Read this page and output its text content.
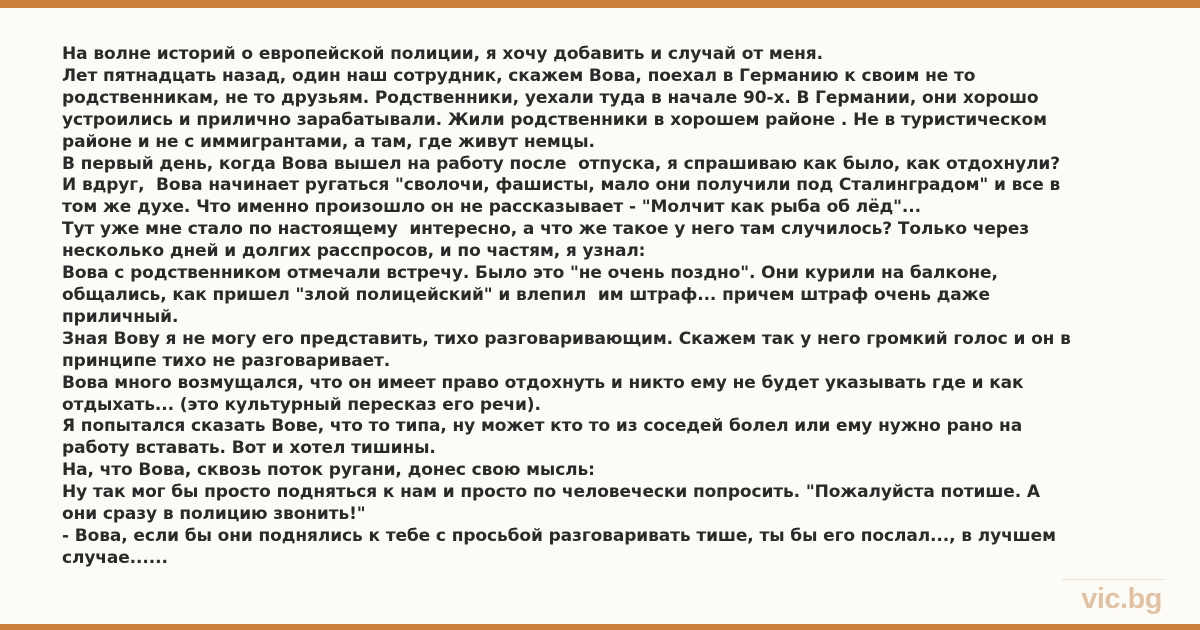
На волне историй о европейской полиции, я хочу добавить и случай от меня.
Лет пятнадцать назад, один наш сотрудник, скажем Вова, поехал в Германию к своим не то
родственникам, не то друзьям. Родственники, уехали туда в начале 90-х. В Германии, они хорошо
устроились и прилично зарабатывали. Жили родственники в хорошем районе . Не в туристическом
районе и не с иммигрантами, а там, где живут немцы.
В первый день, когда Вова вышел на работу после  отпуска, я спрашиваю как было, как отдохнули?
И вдруг,  Вова начинает ругаться "сволочи, фашисты, мало они получили под Сталинградом" и все в
том же духе. Что именно произошло он не рассказывает - "Молчит как рыба об лёд"...
Тут уже мне стало по настоящему  интересно, а что же такое у него там случилось? Только через
несколько дней и долгих расспросов, и по частям, я узнал:
Вова с родственником отмечали встречу. Было это "не очень поздно". Они курили на балконе,
общались, как пришел "злой полицейский" и влепил  им штраф... причем штраф очень даже
приличный.
Зная Вову я не могу его представить, тихо разговаривающим. Скажем так у него громкий голос и он в
принципе тихо не разговаривает.
Вова много возмущался, что он имеет право отдохнуть и никто ему не будет указывать где и как
отдыхать... (это культурный пересказ его речи).
Я попытался сказать Вове, что то типа, ну может кто то из соседей болел или ему нужно рано на
работу вставать. Вот и хотел тишины.
На, что Вова, сквозь поток ругани, донес свою мысль:
Ну так мог бы просто подняться к нам и просто по человечески попросить. "Пожалуйста потише. А
они сразу в полицию звонить!"
- Вова, если бы они поднялись к тебе с просьбой разговаривать тише, ты бы его послал..., в лучшем
случае......
vic.bg
